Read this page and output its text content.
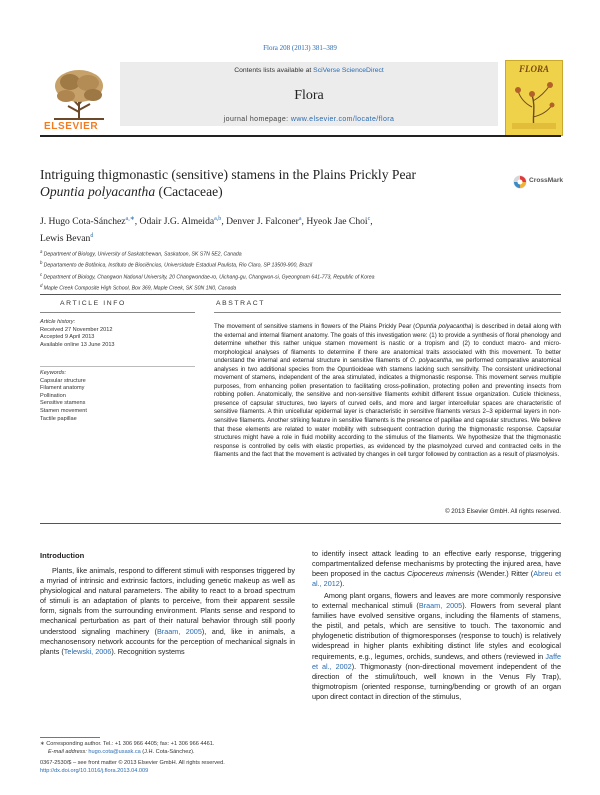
Flora 208 (2013) 381–389
ELSEVIER
Contents lists available at SciVerse ScienceDirect
Flora
journal homepage: www.elsevier.com/locate/flora
FLORA
Intriguing thigmonastic (sensitive) stamens in the Plains Prickly Pear
Opuntia polyacantha (Cactaceae)
CrossMark
J. Hugo Cota-Sánchez$^{a,∗}$, Odair J.G. Almeida$^{a,b}$, Denver J. Falconer$^a$, Hyeok Jae Choi$^c$,
Lewis Bevan$^d$
$^a$ Department of Biology, University of Saskatchewan, Saskatoon, SK S7N 5E2, Canada
$^b$ Departamento de Botânica, Instituto de Biociências, Universidade Estadual Paulista, Rio Claro, SP 13509-900, Brazil
$^c$ Department of Biology, Changwon National University, 20 Changwondae-ro, Uichang-gu, Changwon-si, Gyeongnam 641-773, Republic of Korea
$^d$ Maple Creek Composite High School, Box 369, Maple Creek, SK S0N 1N0, Canada
ARTICLE INFO	ABSTRACT
Article history:
Received 27 November 2012
Accepted 9 April 2013
Available online 13 June 2013
Keywords:
Capsular structure
Filament anatomy
Pollination
Sensitive stamens
Stamen movement
Tactile papillae
The movement of sensitive stamens in flowers of the Plains Prickly Pear (Opuntia polyacantha) is described in detail along with the external and internal filament anatomy. The goals of this investigation were: (1) to provide a synthesis of floral phenology and determine whether this rather unique stamen movement is nastic or a tropism and (2) to conduct macro- and micro-morphological analyses of filaments to determine if there are anatomical traits associated with this movement. To better understand the internal and external structure in sensitive filaments of O. polyacantha, we performed comparative anatomical analyses in two additional species from the Opuntioideae with stamens lacking such sensitivity. The consistent unidirectional movement of stamens, independent of the area stimulated, indicates a thigmonastic response. This movement serves multiple purposes, from enhancing pollen presentation to facilitating cross-pollination, protecting pollen and preventing insects from robbing pollen. Anatomically, the sensitive and non-sensitive filaments exhibit different tissue organization. Cuticle thickness, presence of capsular structures, two layers of curved cells, and more and larger intercellular spaces are characteristic of sensitive filaments. A thin unicellular epidermal layer is characteristic in sensitive filaments versus 2–3 epidermal layers in non-sensitive filaments. Another striking feature in sensitive filaments is the presence of papillae and capsular structures. We believe that these elements are related to water mobility with subsequent contraction during the thigmonastic response. Capsular structures might have a role in fluid mobility according to the stimulus of the filaments. We hypothesize that the thigmonastic response is controlled by cells with elastic properties, as evidenced by the plasmolyzed curved and contracted cells in the filaments and the fact that the movement is activated by changes in cell turgor followed by contraction as a result of plasmolysis.
© 2013 Elsevier GmbH. All rights reserved.
Introduction
Plants, like animals, respond to different stimuli with responses triggered by a myriad of intrinsic and extrinsic factors, including genetic makeup as well as physiological and natural parameters. The ability to react to a broad spectrum of stimuli is an adaptation of plants to perceive, from their apparent sessile form, signals from the surrounding environment. Plants sense and respond to mechanical perturbation as part of their natural behavior through still poorly understood signaling machinery (Braam, 2005), and, like in animals, a mechanosensory network accounts for the perception of mechanical signals in plants (Telewski, 2006). Recognition systems
to identify insect attack leading to an effective early response, triggering compartmentalized defense mechanisms by protecting the injured area, have been proposed in the cactus Cipocereus minensis (Wender.) Ritter (Abreu et al., 2012).
Among plant organs, flowers and leaves are more commonly responsive to external mechanical stimuli (Braam, 2005). Flowers from several plant families have evolved sensitive organs, including the filaments of stamens, the pistil, and petals, which are sensitive to touch. The taxonomic and phylogenetic distribution of thigmoresponses (response to touch) is relatively widespread in higher plants exhibiting distinct life styles and ecological requirements, e.g., legumes, orchids, sundews, and others (reviewed in Jaffe et al., 2002). Thigmonasty (non-directional movement independent of the direction of the stimuli/touch, well known in the Venus Fly Trap), thigmotropism (oriented response, turning/bending or growth of an organ upon direct contact in direction of the stimulus,
∗ Corresponding author. Tel.: +1 306 966 4405; fax: +1 306 966 4461.
E-mail address: hugo.cota@usask.ca (J.H. Cota-Sánchez).
0367-2530/$ – see front matter © 2013 Elsevier GmbH. All rights reserved.
http://dx.doi.org/10.1016/j.flora.2013.04.009
